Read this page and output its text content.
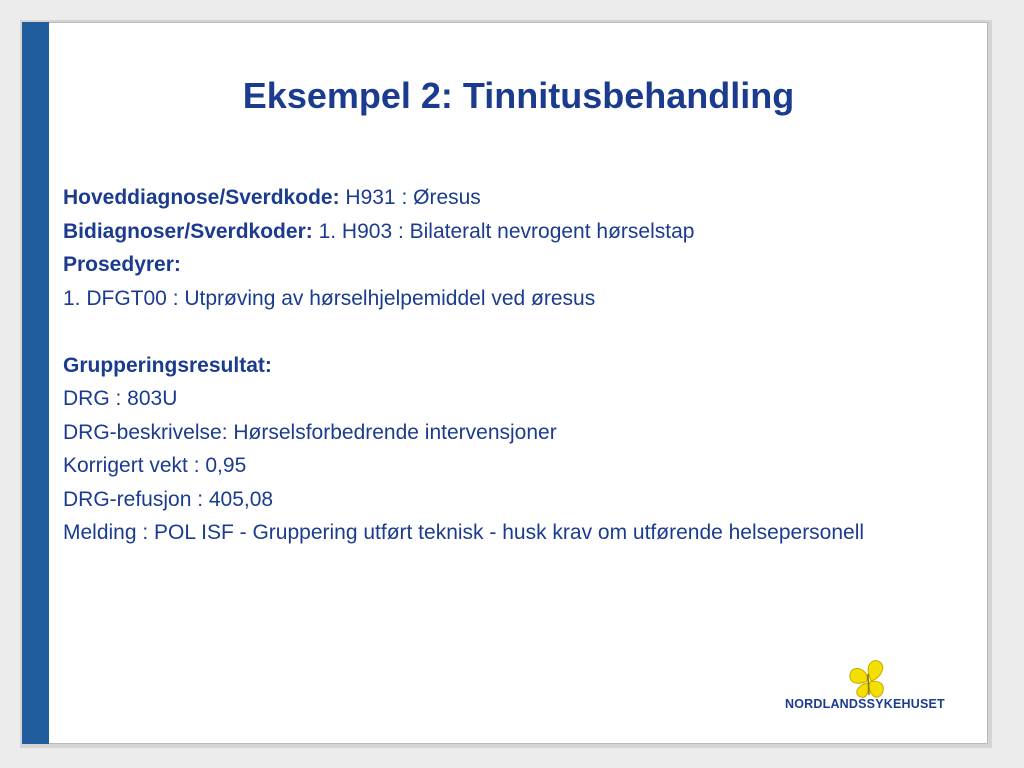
Eksempel 2: Tinnitusbehandling

Hoveddiagnose/Sverdkode: H931 : Øresus

Bidiagnoser/Sverdkoder: 1. H903 : Bilateralt nevrogent hørselstap

Prosedyrer:

1. DFGT00 : Utprøving av hørselhjelpemiddel ved øresus

Grupperingsresultat:

DRG : 803U

DRG-beskrivelse: Hørselsforbedrende intervensjoner

Korrigert vekt : 0,95

DRG-refusjon : 405,08

Melding : POL ISF - Gruppering utført teknisk - husk krav om utførende helsepersonell

NORDLANDSSYKEHUSET
